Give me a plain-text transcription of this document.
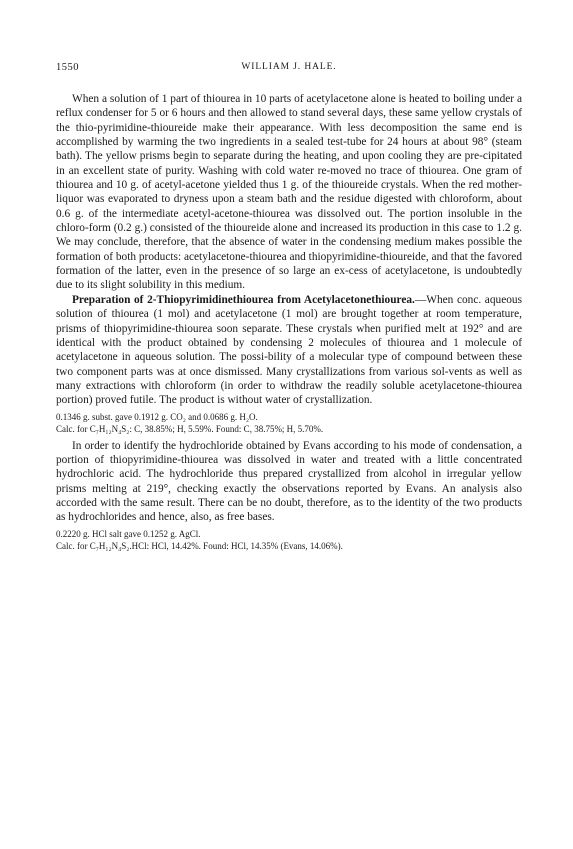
1550	WILLIAM J. HALE.

When a solution of 1 part of thiourea in 10 parts of acetylacetone alone is heated to boiling under a reflux condenser for 5 or 6 hours and then allowed to stand several days, these same yellow crystals of the thio-pyrimidine-thioureide make their appearance. With less decomposition the same end is accomplished by warming the two ingredients in a sealed test-tube for 24 hours at about 98° (steam bath). The yellow prisms begin to separate during the heating, and upon cooling they are pre-cipitated in an excellent state of purity. Washing with cold water re-moved no trace of thiourea. One gram of thiourea and 10 g. of acetyl-acetone yielded thus 1 g. of the thioureide crystals. When the red mother-liquor was evaporated to dryness upon a steam bath and the residue digested with chloroform, about 0.6 g. of the intermediate acetyl-acetone-thiourea was dissolved out. The portion insoluble in the chloro-form (0.2 g.) consisted of the thioureide alone and increased its production in this case to 1.2 g. We may conclude, therefore, that the absence of water in the condensing medium makes possible the formation of both products: acetylacetone-thiourea and thiopyrimidine-thioureide, and that the favored formation of the latter, even in the presence of so large an ex-cess of acetylacetone, is undoubtedly due to its slight solubility in this medium.

Preparation of 2-Thiopyrimidinethiourea from Acetylacetonethiourea.—When conc. aqueous solution of thiourea (1 mol) and acetylacetone (1 mol) are brought together at room temperature, prisms of thiopyrimidine-thiourea soon separate. These crystals when purified melt at 192° and are identical with the product obtained by condensing 2 molecules of thiourea and 1 molecule of acetylacetone in aqueous solution. The possi-bility of a molecular type of compound between these two component parts was at once dismissed. Many crystallizations from various sol-vents as well as many extractions with chloroform (in order to withdraw the readily soluble acetylacetone-thiourea portion) proved futile. The product is without water of crystallization.

0.1346 g. subst. gave 0.1912 g. CO₂ and 0.0686 g. H₂O.
Calc. for C₇H₁₂N₄S₂: C, 38.85%; H, 5.59%. Found: C, 38.75%; H, 5.70%.

In order to identify the hydrochloride obtained by Evans according to his mode of condensation, a portion of thiopyrimidine-thiourea was dissolved in water and treated with a little concentrated hydrochloric acid. The hydrochloride thus prepared crystallized from alcohol in irregular yellow prisms melting at 219°, checking exactly the observations reported by Evans. An analysis also accorded with the same result. There can be no doubt, therefore, as to the identity of the two products as hydrochlorides and hence, also, as free bases.

0.2220 g. HCl salt gave 0.1252 g. AgCl.
Calc. for C₇H₁₂N₄S₂.HCl: HCl, 14.42%. Found: HCl, 14.35% (Evans, 14.06%).
